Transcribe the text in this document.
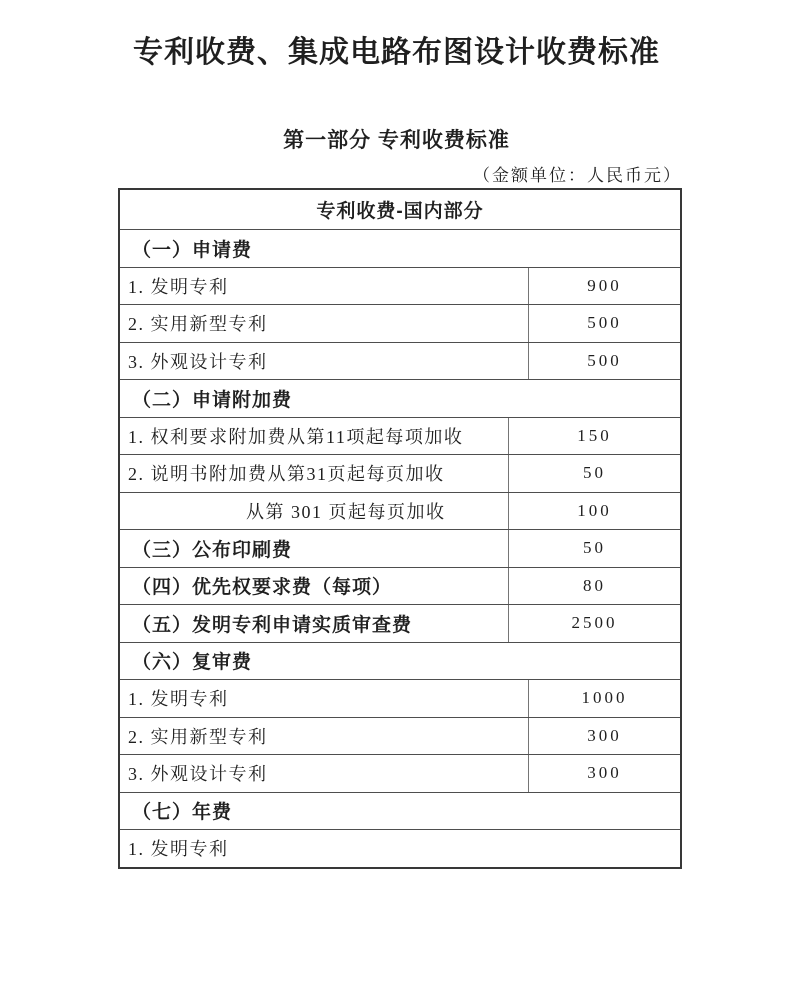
专利收费、集成电路布图设计收费标准
第一部分 专利收费标准
（金额单位：人民币元）
专利收费-国内部分
（一）申请费
1. 发明专利	900
2. 实用新型专利	500
3. 外观设计专利	500
（二）申请附加费
1. 权利要求附加费从第11项起每项加收	150
2. 说明书附加费从第31页起每页加收	50
从第 301 页起每页加收	100
（三）公布印刷费	50
（四）优先权要求费（每项）	80
（五）发明专利申请实质审查费	2500
（六）复审费
1. 发明专利	1000
2. 实用新型专利	300
3. 外观设计专利	300
（七）年费
1. 发明专利
